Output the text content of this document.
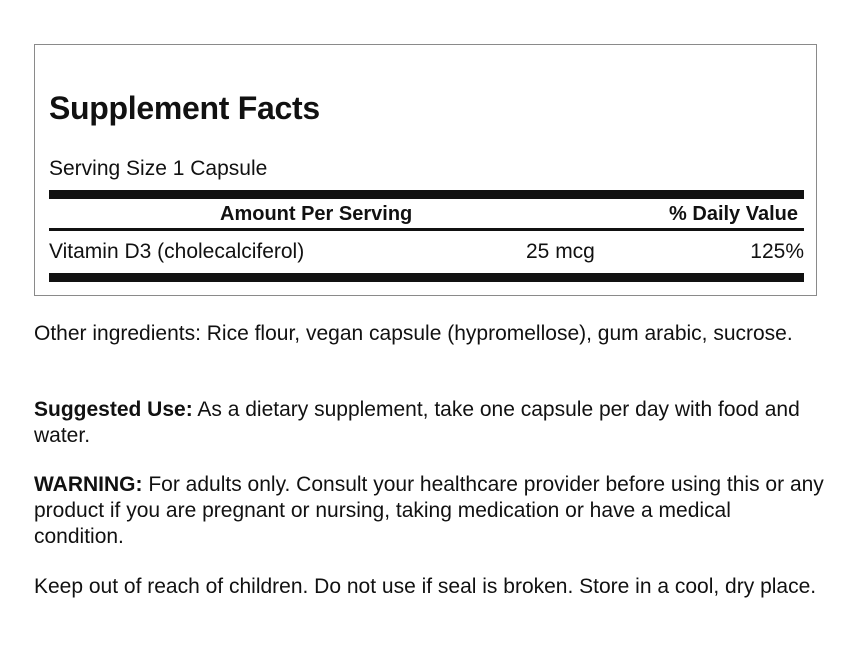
Supplement Facts
Serving Size 1 Capsule
Amount Per Serving	% Daily Value
Vitamin D3 (cholecalciferol)	25 mcg	125%

Other ingredients: Rice flour, vegan capsule (hypromellose), gum arabic, sucrose.

Suggested Use: As a dietary supplement, take one capsule per day with food and water.

WARNING: For adults only. Consult your healthcare provider before using this or any product if you are pregnant or nursing, taking medication or have a medical condition.

Keep out of reach of children. Do not use if seal is broken. Store in a cool, dry place.
